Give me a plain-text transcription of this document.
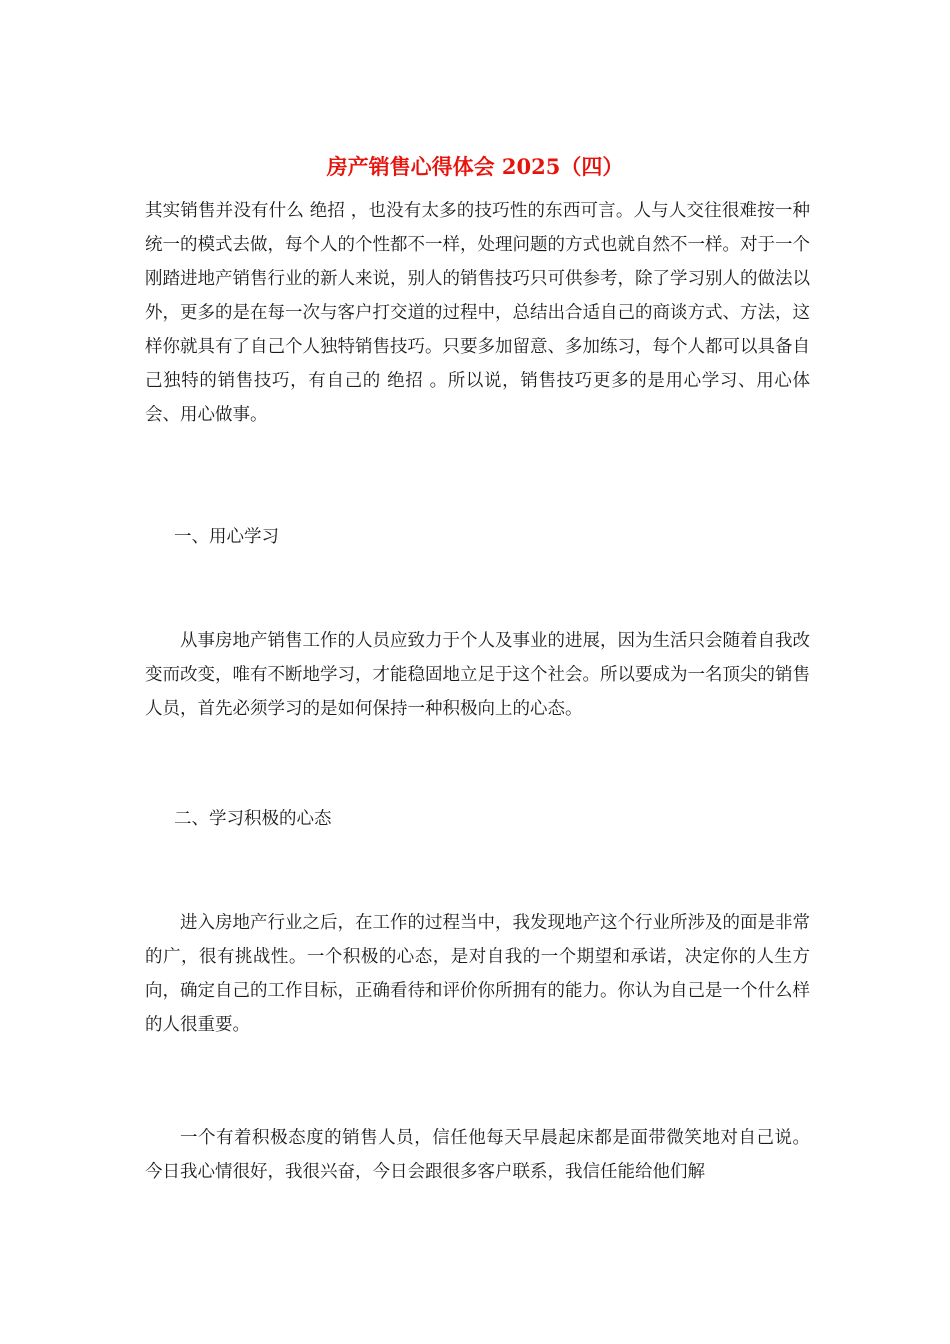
房产销售心得体会 2025（四）

其实销售并没有什么 绝招 ，也没有太多的技巧性的东西可言。人与人交往很难按一种统一的模式去做，每个人的个性都不一样，处理问题的方式也就自然不一样。对于一个刚踏进地产销售行业的新人来说，别人的销售技巧只可供参考，除了学习别人的做法以外，更多的是在每一次与客户打交道的过程中，总结出合适自己的商谈方式、方法，这样你就具有了自己个人独特销售技巧。只要多加留意、多加练习，每个人都可以具备自己独特的销售技巧，有自己的 绝招 。所以说，销售技巧更多的是用心学习、用心体会、用心做事。

一、用心学习

从事房地产销售工作的人员应致力于个人及事业的进展，因为生活只会随着自我改变而改变，唯有不断地学习，才能稳固地立足于这个社会。所以要成为一名顶尖的销售人员，首先必须学习的是如何保持一种积极向上的心态。

二、学习积极的心态

进入房地产行业之后，在工作的过程当中，我发现地产这个行业所涉及的面是非常的广，很有挑战性。一个积极的心态，是对自我的一个期望和承诺，决定你的人生方向，确定自己的工作目标，正确看待和评价你所拥有的能力。你认为自己是一个什么样的人很重要。

一个有着积极态度的销售人员，信任他每天早晨起床都是面带微笑地对自己说。 今日我心情很好，我很兴奋，今日会跟很多客户联系，我信任能给他们解
